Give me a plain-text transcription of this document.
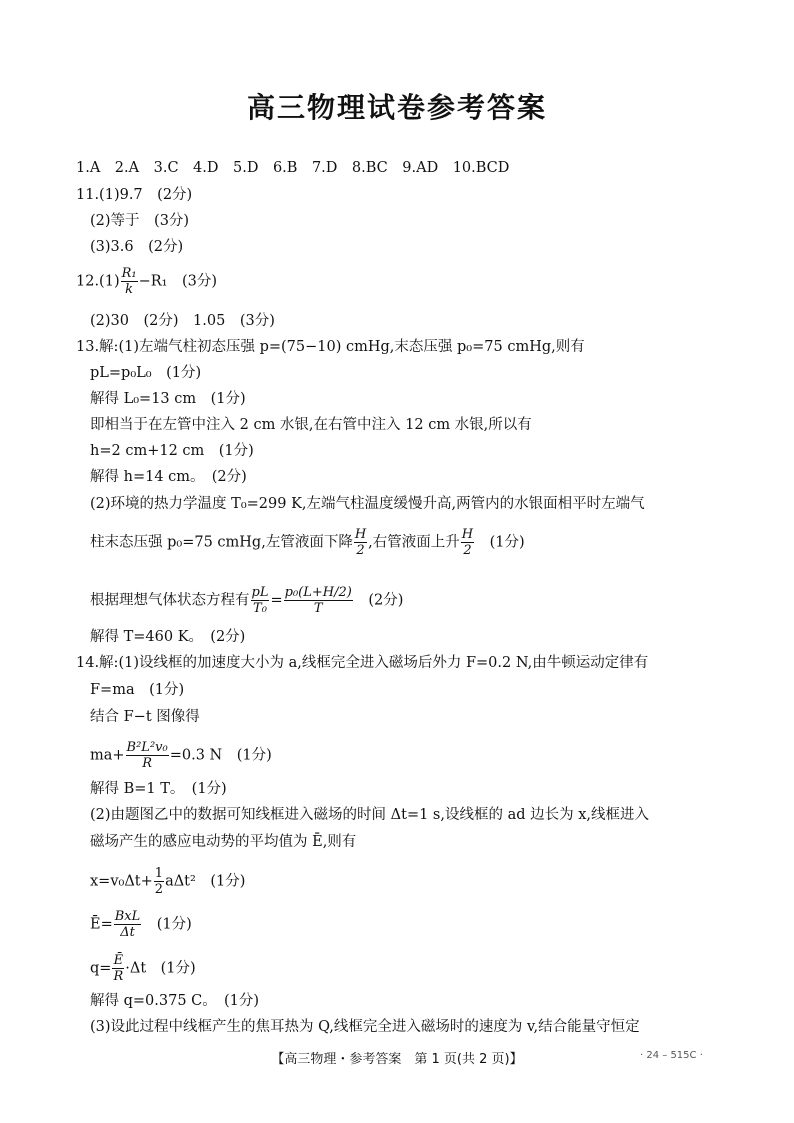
高三物理试卷参考答案
1.A　2.A　3.C　4.D　5.D　6.B　7.D　8.BC　9.AD　10.BCD
11.(1)9.7　(2分)
(2)等于　(3分)
(3)3.6　(2分)
$12.(1) \frac{\text{R₁}}{k} -R_1$　(3分)
(2)30　(2分)　1.05　(3分)
13.解:(1)左端气柱初态压强 p=(75−10) cmHg,末态压强 p₀=75 cmHg,则有
pL=p₀L₀　(1分)
解得 L₀=13 cm　(1分)
即相当于在左管中注入 2 cm 水银,在右管中注入 12 cm 水银,所以有
h=2 cm+12 cm　(1分)
解得 h=14 cm。　(2分)
(2)环境的热力学温度 T₀=299 K,左端气柱温度缓慢升高,两管内的水银面相平时左端气
柱末态压强 p₀=75 cmHg,左管液面下降 $\frac{H}{2}$ ,右管液面上升 $\frac{H}{2}$ 　(1分)
根据理想气体状态方程有 $\frac{pL}{\text{T₀}} = \frac{\text{p₀(L+H/2)}}{T}$ 　(2分)
解得 T=460 K。　(2分)
14.解:(1)设线框的加速度大小为 a,线框完全进入磁场后外力 F=0.2 N,由牛顿运动定律有
F=ma　(1分)
结合 F−t 图像得
$ma+ \frac{\text{B²L²v₀}}{R} =0.3$ N　(1分)
解得 B=1 T。　(1分)
(2)由题图乙中的数据可知线框进入磁场的时间 Δt=1 s,设线框的 ad 边长为 x,线框进入
磁场产生的感应电动势的平均值为 Ē,则有
$x=v_0\Delta t+ \frac{1}{2} a\Delta t^2$　(1分)
Ē= $\frac{\text{BxL}}{\Delta t}$ 　(1分)
$q= \frac{Ē}{R} \cdot\Delta t$　(1分)
解得 q=0.375 C。　(1分)
(3)设此过程中线框产生的焦耳热为 Q,线框完全进入磁场时的速度为 v,结合能量守恒定
【高三物理・参考答案　第 1 页(共 2 页)】	· 24 – 515C ·
